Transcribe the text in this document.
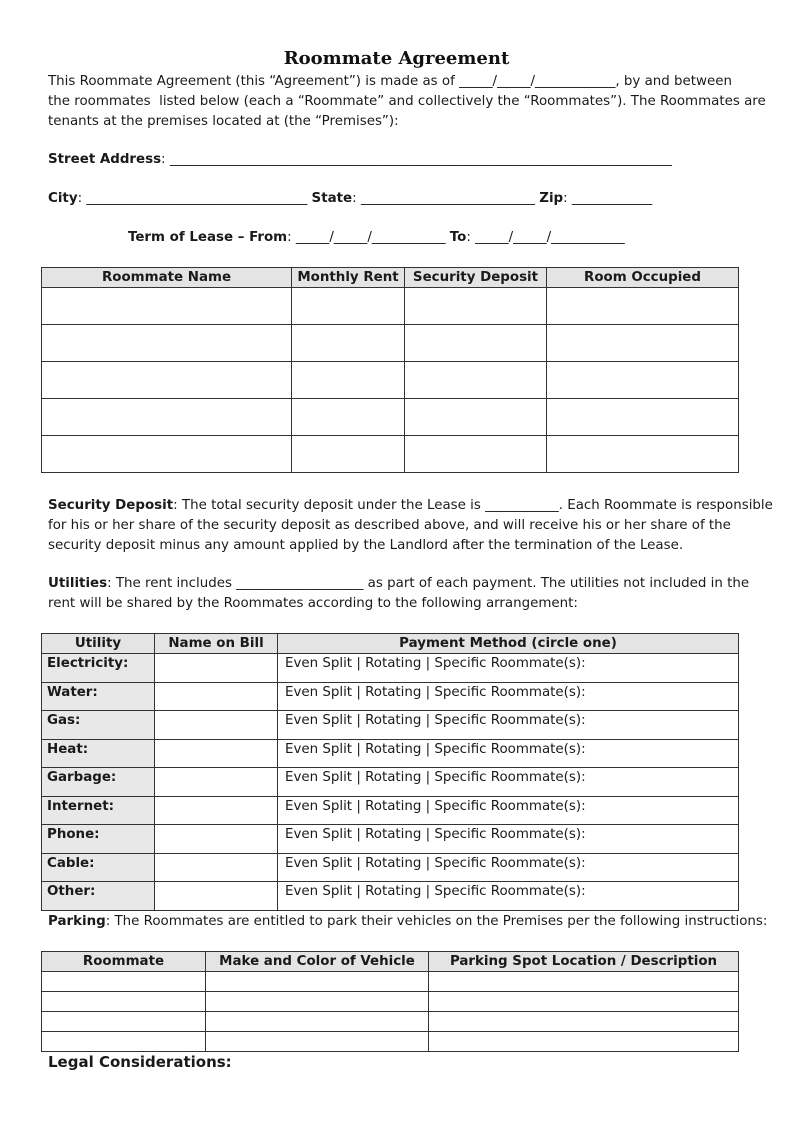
Roommate Agreement
This Roommate Agreement (this “Agreement”) is made as of _____/_____/____________, by and between
the roommates  listed below (each a “Roommate” and collectively the “Roommates”). The Roommates are
tenants at the premises located at (the “Premises”):
Street Address: ___________________________________________________________________________
City: _________________________________ State: __________________________ Zip: ____________
Term of Lease – From: _____/_____/___________ To: _____/_____/___________
Roommate Name	Monthly Rent	Security Deposit	Room Occupied

Security Deposit: The total security deposit under the Lease is ___________. Each Roommate is responsible
for his or her share of the security deposit as described above, and will receive his or her share of the
security deposit minus any amount applied by the Landlord after the termination of the Lease.
Utilities: The rent includes ___________________ as part of each payment. The utilities not included in the
rent will be shared by the Roommates according to the following arrangement:
Utility	Name on Bill	Payment Method (circle one)
Electricity:		Even Split | Rotating | Specific Roommate(s):
Water:		Even Split | Rotating | Specific Roommate(s):
Gas:		Even Split | Rotating | Specific Roommate(s):
Heat:		Even Split | Rotating | Specific Roommate(s):
Garbage:		Even Split | Rotating | Specific Roommate(s):
Internet:		Even Split | Rotating | Specific Roommate(s):
Phone:		Even Split | Rotating | Specific Roommate(s):
Cable:		Even Split | Rotating | Specific Roommate(s):
Other:		Even Split | Rotating | Specific Roommate(s):
Parking: The Roommates are entitled to park their vehicles on the Premises per the following instructions:
Roommate	Make and Color of Vehicle	Parking Spot Location / Description

Legal Considerations:
